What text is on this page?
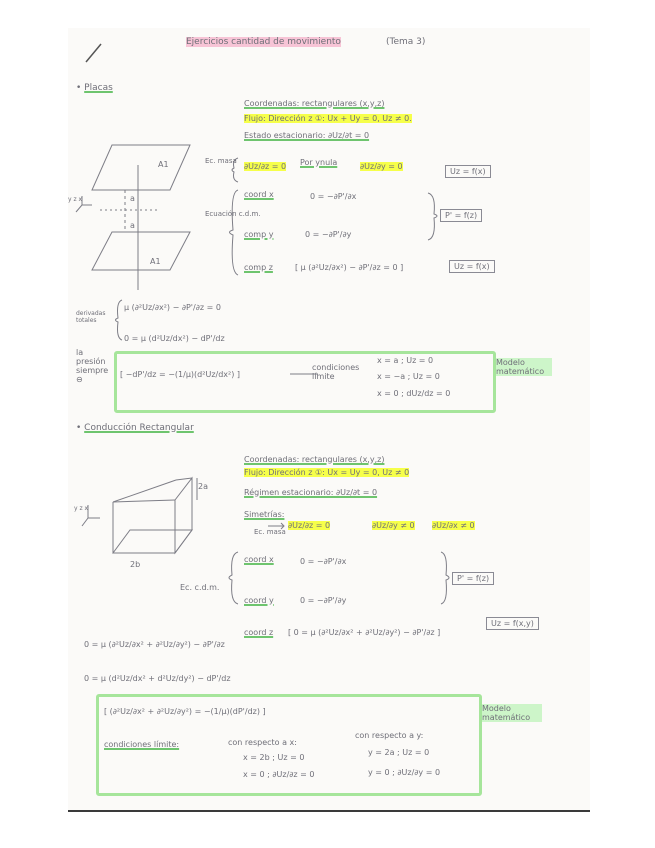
Ejercicios cantidad de movimiento	(Tema 3)
• Placas
Coordenadas: rectangulares (x,y,z)
Flujo: Dirección z ①: Ux + Uy = 0, Uz ≠ 0.
Estado estacionario: ∂Uz/∂t = 0
A1
A1
a
a
y z x
Ec. masa
∂Uz/∂z = 0 Por ynula	∂Uz/∂y = 0
Uz = f(x)
Ecuación c.d.m.
coord x	0 = −∂P'/∂x
comp y	0 = −∂P'/∂y
P' = f(z)
comp z	[ μ (∂²Uz/∂x²) − ∂P'/∂z = 0 ]	Uz = f(x)
derivadas totales
μ (∂²Uz/∂x²) − ∂P'/∂z = 0
0 = μ (d²Uz/dx²) − dP'/dz
la presión siempre ⊖
[ −dP'/dz = −(1/μ)(d²Uz/dx²) ]
condiciones límite
x = a ; Uz = 0
x = −a ; Uz = 0
x = 0 ; dUz/dz = 0
Modelo matemático
• Conducción Rectangular
Coordenadas: rectangulares (x,y,z)
Flujo: Dirección z ①: Ux = Uy = 0, Uz ≠ 0
Régimen estacionario: ∂Uz/∂t = 0
Simetrías:
Ec. masa
∂Uz/∂z = 0	∂Uz/∂y ≠ 0 ∂Uz/∂x ≠ 0
2a
2b
y z x
Ec. c.d.m.
coord x	0 = −∂P'/∂x
coord y	0 = −∂P'/∂y
P' = f(z)
coord z [ 0 = μ (∂²Uz/∂x² + ∂²Uz/∂y²) − ∂P'/∂z ]
Uz = f(x,y)
0 = μ (∂²Uz/∂x² + ∂²Uz/∂y²) − ∂P'/∂z
0 = μ (d²Uz/dx² + d²Uz/dy²) − dP'/dz
[ (∂²Uz/∂x² + ∂²Uz/∂y²) = −(1/μ)(dP'/dz) ]
condiciones límite:	con respecto a x:
con respecto a y:
x = 2b ; Uz = 0
x = 0 ; ∂Uz/∂z = 0
y = 2a ; Uz = 0
y = 0 ; ∂Uz/∂y = 0
Modelo matemático
